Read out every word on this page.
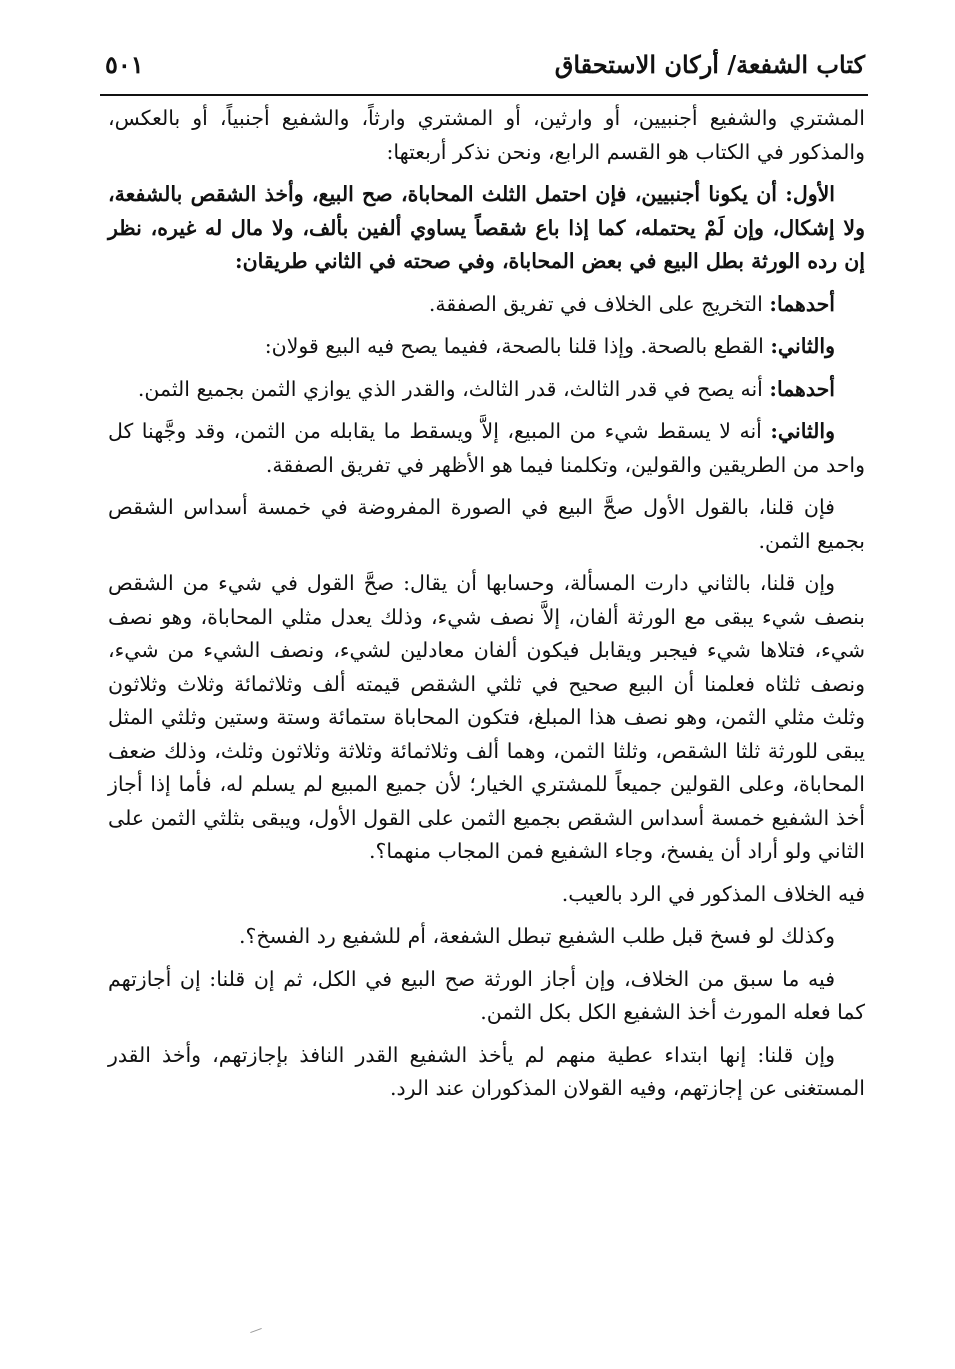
كتاب الشفعة/ أركان الاستحقاق
٥٠١

المشتري والشفيع أجنبيين، أو وارثين، أو المشتري وارثاً، والشفيع أجنبياً، أو بالعكس، والمذكور في الكتاب هو القسم الرابع، ونحن نذكر أربعتها:

الأول: أن يكونا أجنبيين، فإن احتمل الثلث المحاباة، صح البيع، وأخذ الشقص بالشفعة، ولا إشكال، وإن لَمْ يحتمله، كما إذا باع شقصاً يساوي ألفين بألف، ولا مال له غيره، نظر إن رده الورثة بطل البيع في بعض المحاباة، وفي صحته في الثاني طريقان:

أحدهما: التخريج على الخلاف في تفريق الصفقة.

والثاني: القطع بالصحة. وإذا قلنا بالصحة، ففيما يصح فيه البيع قولان:

أحدهما: أنه يصح في قدر الثالث، قدر الثالث، والقدر الذي يوازي الثمن بجميع الثمن.

والثاني: أنه لا يسقط شيء من المبيع، إلاَّ ويسقط ما يقابله من الثمن، وقد وجَّهنا كل واحد من الطريقين والقولين، وتكلمنا فيما هو الأظهر في تفريق الصفقة.

فإن قلنا، بالقول الأول صحَّ البيع في الصورة المفروضة في خمسة أسداس الشقص بجميع الثمن.

وإن قلنا، بالثاني دارت المسألة، وحسابها أن يقال: صحَّ القول في شيء من الشقص بنصف شيء يبقى مع الورثة ألفان، إلاَّ نصف شيء، وذلك يعدل مثلي المحاباة، وهو نصف شيء، فتلاها شيء فيجبر ويقابل فيكون ألفان معادلين لشيء، ونصف الشيء من شيء، ونصف ثلثاه فعلمنا أن البيع صحيح في ثلثي الشقص قيمته ألف وثلاثمائة وثلاث وثلاثون وثلث مثلي الثمن، وهو نصف هذا المبلغ، فتكون المحاباة ستمائة وستة وستين وثلثي المثل يبقى للورثة ثلثا الشقص، وثلثا الثمن، وهما ألف وثلاثمائة وثلاثة وثلاثون وثلث، وذلك ضعف المحاباة، وعلى القولين جميعاً للمشتري الخيار؛ لأن جميع المبيع لم يسلم له، فأما إذا أجاز أخذ الشفيع خمسة أسداس الشقص بجميع الثمن على القول الأول، ويبقى بثلثي الثمن على الثاني ولو أراد أن يفسخ، وجاء الشفيع فمن المجاب منهما؟.

فيه الخلاف المذكور في الرد بالعيب.

وكذلك لو فسخ قبل طلب الشفيع تبطل الشفعة، أم للشفيع رد الفسخ؟.

فيه ما سبق من الخلاف، وإن أجاز الورثة صح البيع في الكل، ثم إن قلنا: إن أجازتهم كما فعله المورث أخذ الشفيع الكل بكل الثمن.

وإن قلنا: إنها ابتداء عطية منهم لم يأخذ الشفيع القدر النافذ بإجازتهم، وأخذ القدر المستغنى عن إجازتهم، وفيه القولان المذكوران عند الرد.
